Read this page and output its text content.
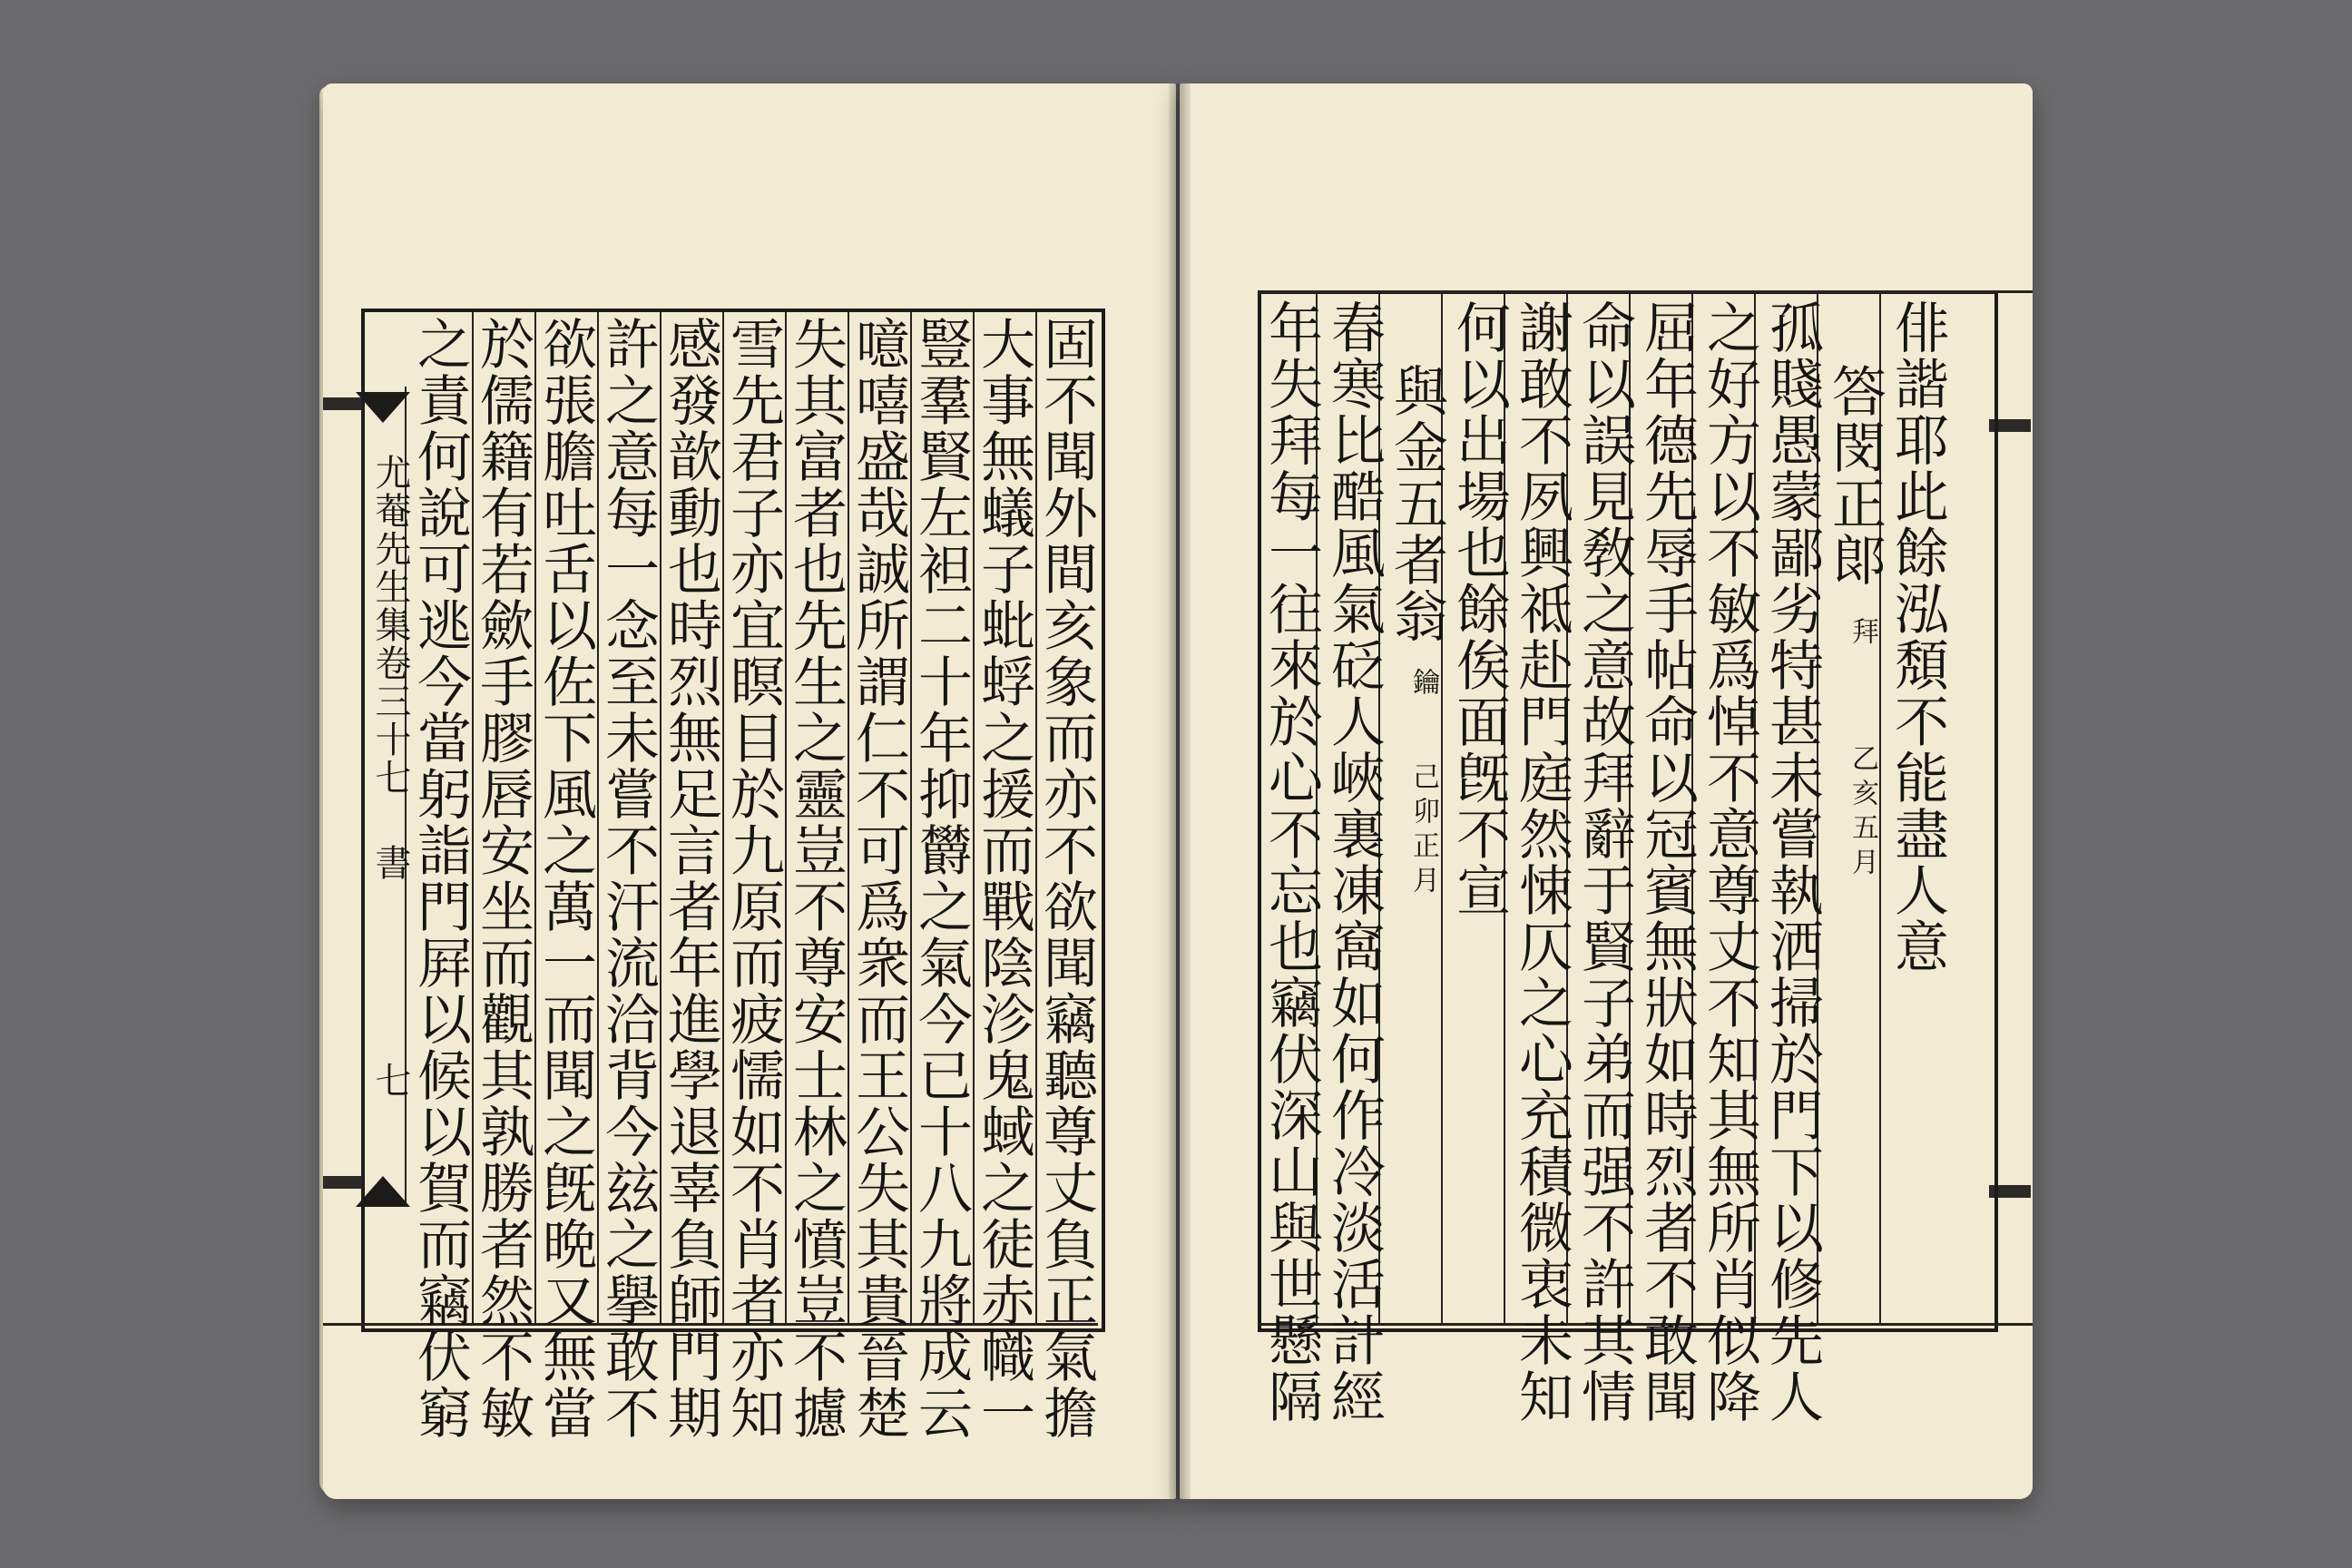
尤菴先生集卷三十七
書
七	固不聞外間亥象而亦不欲聞竊聽尊丈負正氣擔
大事無蟻子蚍蜉之援而戰陰沴鬼蜮之徒赤幟一
豎羣賢左袒二十年抑欝之氣今已十八九將成云
噫嘻盛哉誠所謂仁不可爲衆而王公失其貴晉楚
失其富者也先生之靈豈不尊安士林之憤豈不攄
雪先君子亦宜瞑目於九原而疲懦如不肖者亦知
感發歆動也時烈無足言者年進學退辜負師門期
許之意每一念至未嘗不汗流洽背今玆之擧敢不
欲張膽吐舌以佐下風之萬一而聞之旣晩又無當
於儒籍有若歛手膠唇安坐而觀其孰勝者然不敏
之責何說可逃今當躬詣門屛以候以賀而竊伏窮	俳諧耶此餘泓頽不能盡人意
答閔正郞
拜
乙亥五月
孤賤愚蒙鄙劣特甚未嘗執洒掃於門下以修先人
之好方以不敏爲悼不意尊丈不知其無所肖似降
屈年德先辱手帖命以冠賓無狀如時烈者不敢聞
命以誤見敎之意故拜辭于賢子弟而强不許其情
謝敢不夙興祗赴門庭然悚仄之心充積微衷未知
何以出場也餘俟面旣不宣
與金五者翁
鑰
己卯正月
春寒比酷風氣砭人峽裏凍窩如何作冷淡活計經
年失拜每一往來於心不忘也竊伏深山與世懸隔
